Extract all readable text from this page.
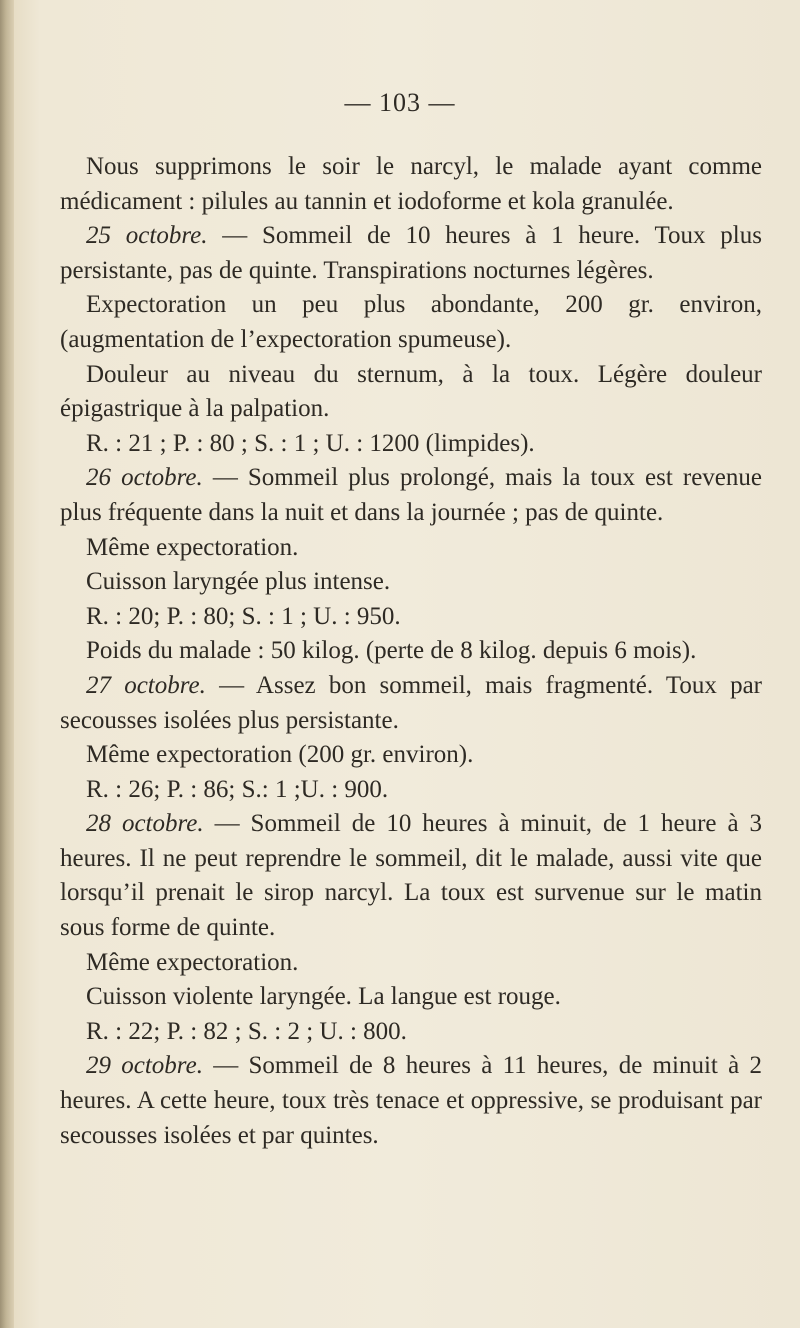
— 103 —

Nous supprimons le soir le narcyl, le malade ayant comme médicament : pilules au tannin et iodoforme et kola granulée.

25 octobre. — Sommeil de 10 heures à 1 heure. Toux plus persistante, pas de quinte. Transpirations nocturnes légères.

Expectoration un peu plus abondante, 200 gr. environ, (augmentation de l’expectoration spumeuse).

Douleur au niveau du sternum, à la toux. Légère douleur épigastrique à la palpation.

R. : 21 ; P. : 80 ; S. : 1 ; U. : 1200 (limpides).

26 octobre. — Sommeil plus prolongé, mais la toux est revenue plus fréquente dans la nuit et dans la journée ; pas de quinte.

Même expectoration.

Cuisson laryngée plus intense.

R. : 20; P. : 80; S. : 1 ; U. : 950.

Poids du malade : 50 kilog. (perte de 8 kilog. depuis 6 mois).

27 octobre. — Assez bon sommeil, mais fragmenté. Toux par secousses isolées plus persistante.

Même expectoration (200 gr. environ).

R. : 26; P. : 86; S.: 1 ;U. : 900.

28 octobre. — Sommeil de 10 heures à minuit, de 1 heure à 3 heures. Il ne peut reprendre le sommeil, dit le malade, aussi vite que lorsqu’il prenait le sirop narcyl. La toux est survenue sur le matin sous forme de quinte.

Même expectoration.

Cuisson violente laryngée. La langue est rouge.

R. : 22; P. : 82 ; S. : 2 ; U. : 800.

29 octobre. — Sommeil de 8 heures à 11 heures, de minuit à 2 heures. A cette heure, toux très tenace et oppressive, se produisant par secousses isolées et par quintes.
